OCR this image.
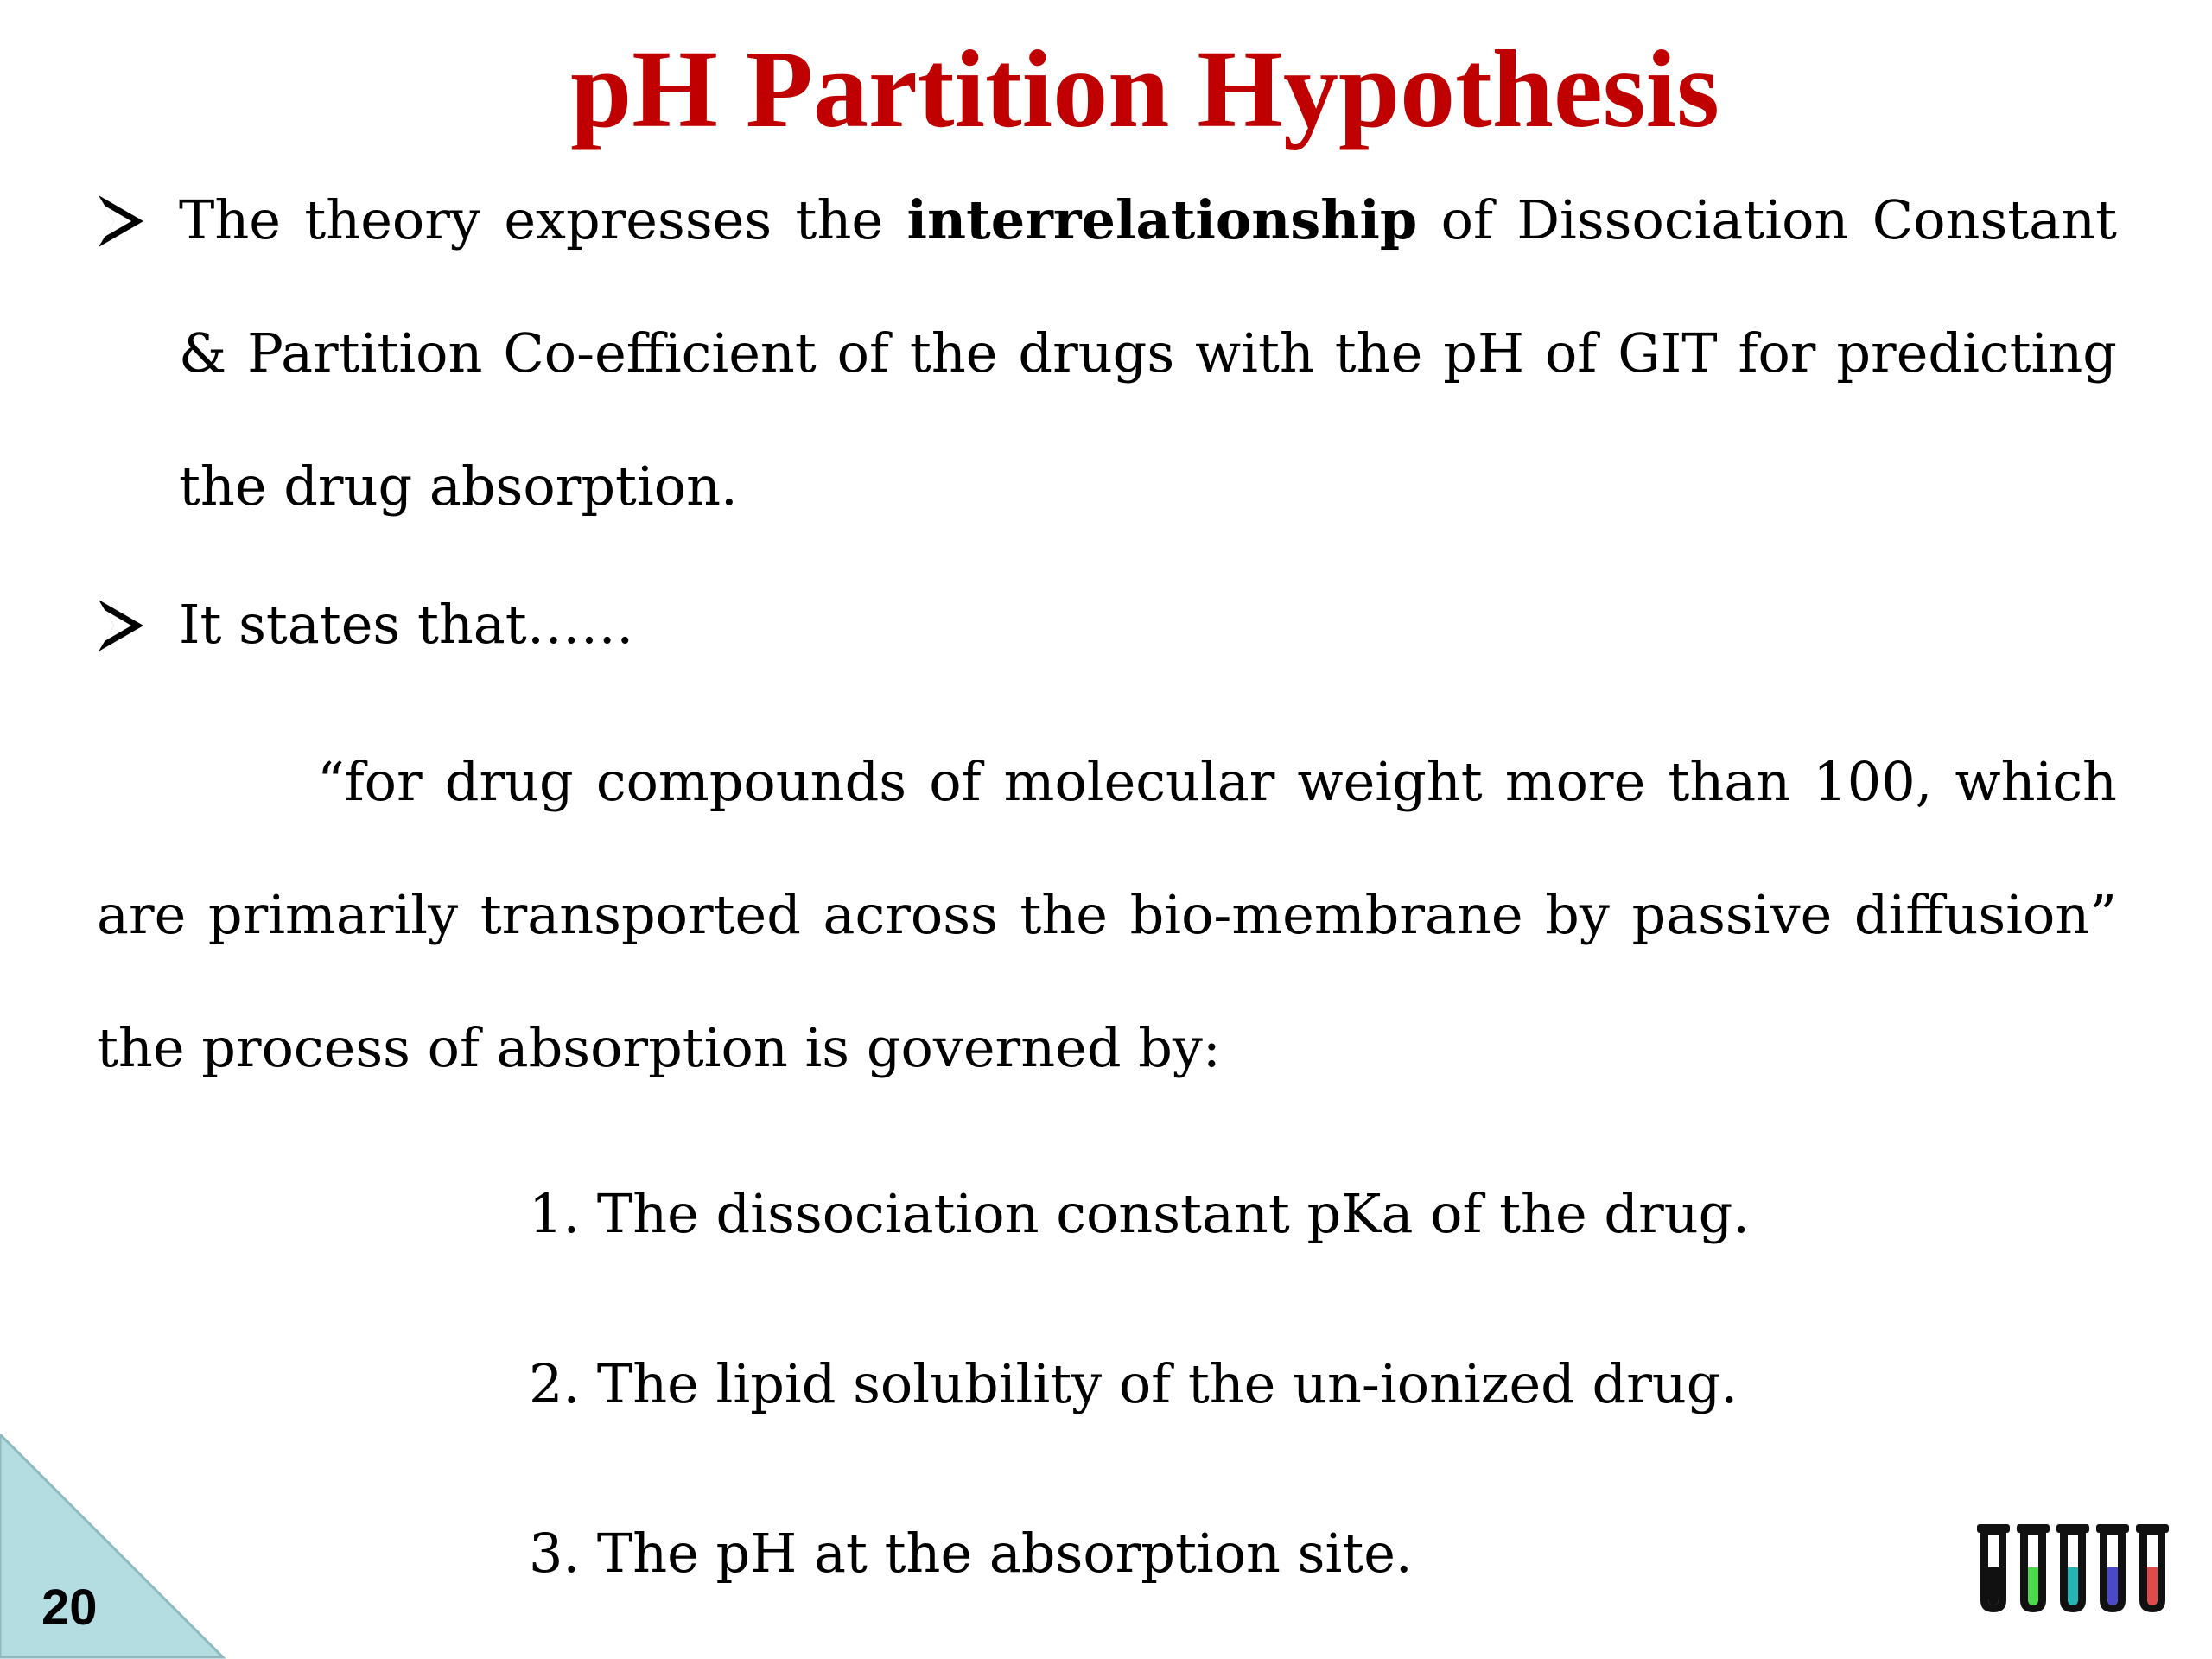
pH Partition Hypothesis
The theory expresses the interrelationship of Dissociation Constant & Partition Co-efficient of the drugs with the pH of GIT for predicting the drug absorption.
It states that……
“for drug compounds of molecular weight more than 100, which are primarily transported across the bio-membrane by passive diffusion” the process of absorption is governed by:
1. The dissociation constant pKa of the drug.
2. The lipid solubility of the un-ionized drug.
3. The pH at the absorption site.
20
